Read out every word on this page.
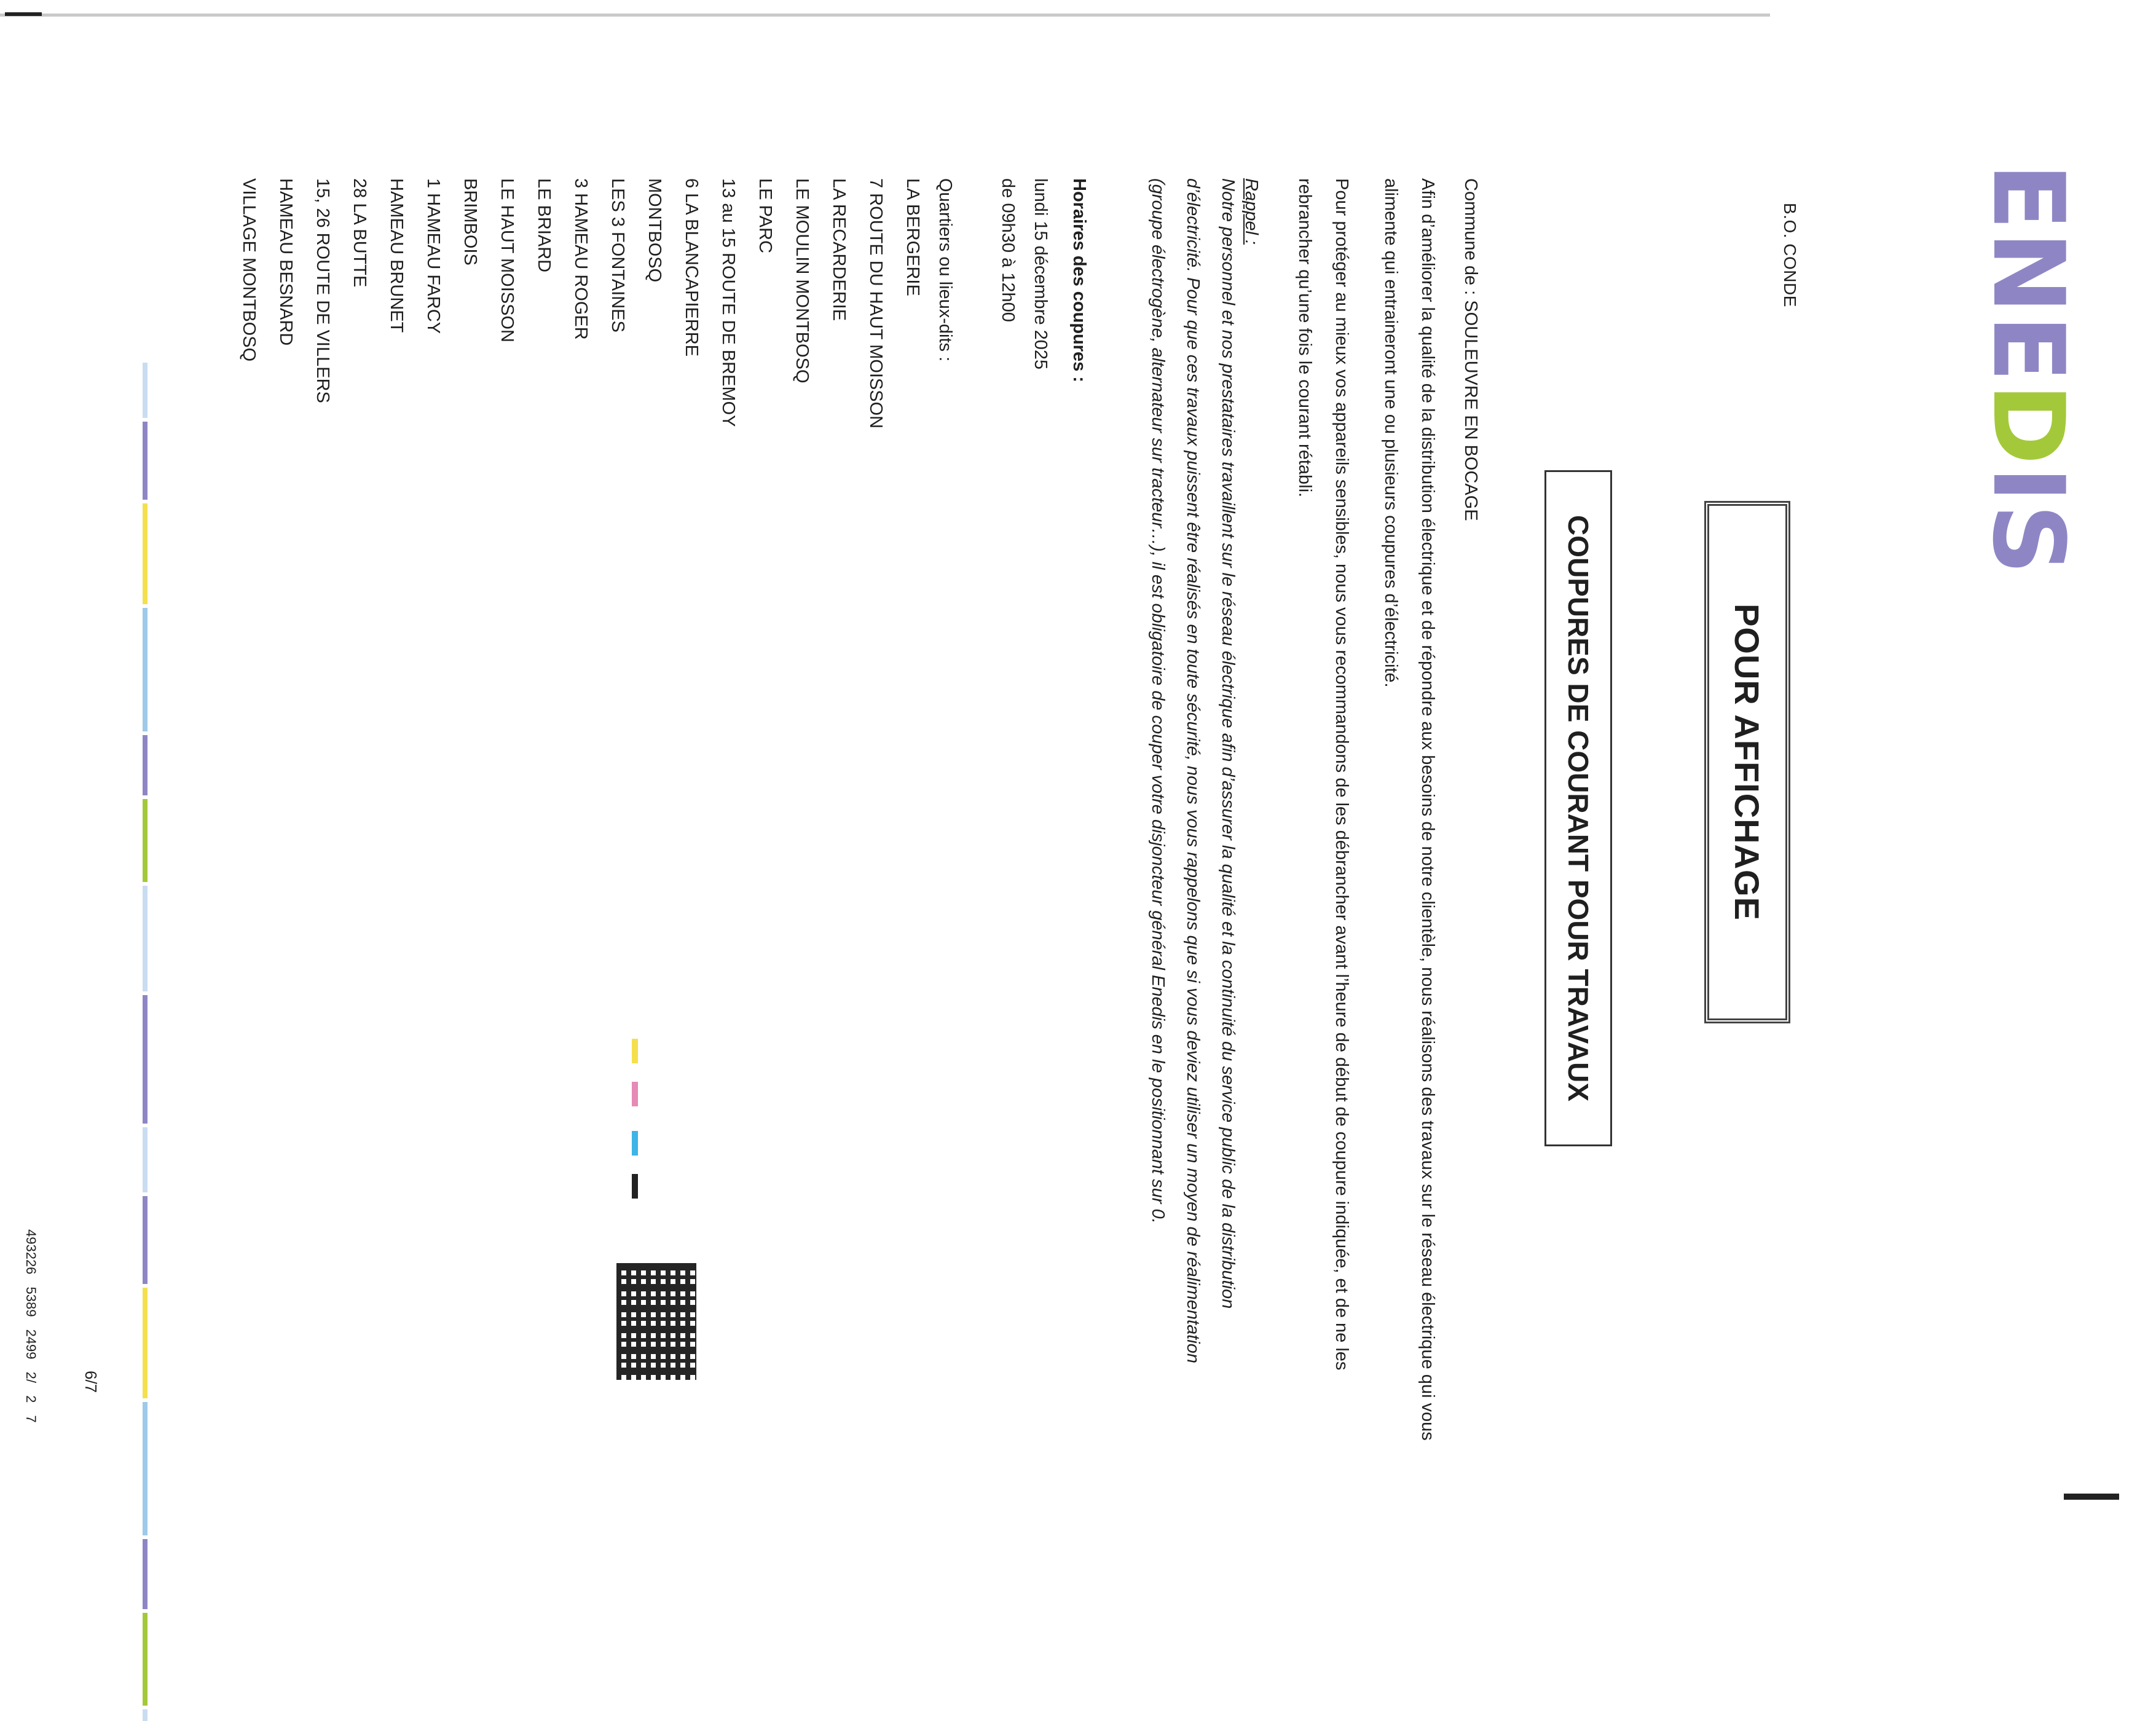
ENEDIS
B.O. CONDE
POUR AFFICHAGE
COUPURES DE COURANT POUR TRAVAUX
Commune de : SOULEUVRE EN BOCAGE
Afin d’améliorer la qualité de la distribution électrique et de répondre aux besoins de notre clientèle, nous réalisons des travaux sur le réseau électrique qui vous alimente qui entraineront une ou plusieurs coupures d’électricité.
Pour protéger au mieux vos appareils sensibles, nous vous recommandons de les débrancher avant l’heure de début de coupure indiquée, et de ne les rebrancher qu’une fois le courant rétabli.
Rappel :
Notre personnel et nos prestataires travaillent sur le réseau électrique afin d’assurer la qualité et la continuité du service public de la distribution d’électricité. Pour que ces travaux puissent être réalisés en toute sécurité, nous vous rappelons que si vous deviez utiliser un moyen de réalimentation (groupe électrogène, alternateur sur tracteur…), il est obligatoire de couper votre disjoncteur général Enedis en le positionnant sur 0.
Horaires des coupures :
lundi 15 décembre 2025
de 09h30 à 12h00
Quartiers ou lieux-dits :
LA BERGERIE
7 ROUTE DU HAUT MOISSON
LA RECARDERIE
LE MOULIN MONTBOSQ
LE PARC
13 au 15 ROUTE DE BREMOY
6 LA BLANCAPIERRE
MONTBOSQ
LES 3 FONTAINES
3 HAMEAU ROGER
LE BRIARD
LE HAUT MOISSON
BRIMBOIS
1 HAMEAU FARCY
HAMEAU BRUNET
28 LA BUTTE
15, 26 ROUTE DE VILLERS
HAMEAU BESNARD
VILLAGE MONTBOSQ
6/7
493226 5389 2499 2/ 2 7
